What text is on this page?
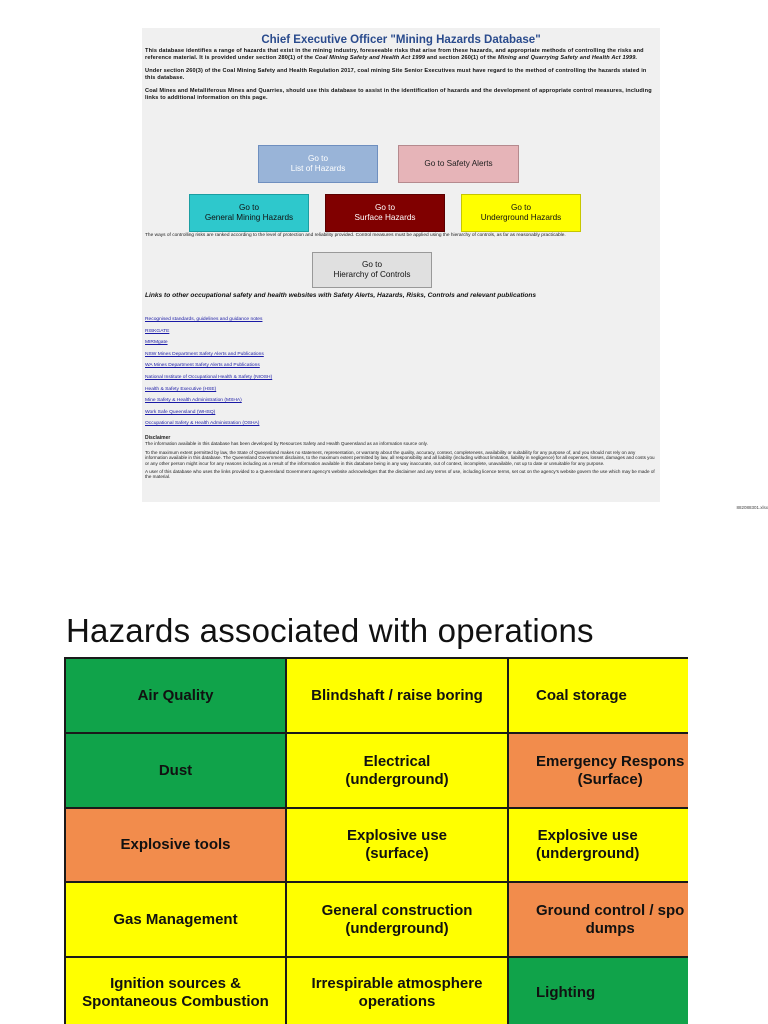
Chief Executive Officer "Mining Hazards Database"

This database identifies a range of hazards that exist in the mining industry, foreseeable risks that arise from these hazards, and appropriate methods of controlling the risks and reference material. It is provided under section 280(1) of the Coal Mining Safety and Health Act 1999 and section 260(1) of the Mining and Quarrying Safety and Health Act 1999.

Under section 260(3) of the Coal Mining Safety and Health Regulation 2017, coal mining Site Senior Executives must have regard to the method of controlling the hazards stated in this database.

Coal Mines and Metalliferous Mines and Quarries, should use this database to assist in the identification of hazards and the development of appropriate control measures, including links to additional information on this page.

Go to
List of Hazards
Go to Safety Alerts
Go to
General Mining Hazards
Go to
Surface Hazards
Go to
Underground Hazards
The ways of controlling risks are ranked according to the level of protection and reliability provided. Control measures must be applied using the hierarchy of controls, as far as reasonably practicable.
Go to
Hierarchy of Controls
Links to other occupational safety and health websites with Safety Alerts, Hazards, Risks, Controls and relevant publications
Recognised standards, guidelines and guidance notes
RISKGATE
MIRMgate
NSW Mines Department Safety Alerts and Publications
WA Mines Department Safety Alerts and Publications
National Institute of Occupational Health & Safety (NIOSH)
Health & Safety Executive (HSE)
Mine Safety & Health Administration (MSHA)
Work Safe Queensland (WHSQ)
Occupational Safety & Health Administration (OSHA)
Disclaimer

The information available in this database has been developed by Resources Safety and Health Queensland as an information source only.

To the maximum extent permitted by law, the State of Queensland makes no statement, representation, or warranty about the quality, accuracy, context, completeness, availability or suitability for any purpose of, and you should not rely on any information available in this database. The Queensland Government disclaims, to the maximum extent permitted by law, all responsibility and all liability (including without limitation, liability in negligence) for all expenses, losses, damages and costs you or any other person might incur for any reasons including as a result of the information available in this database being in any way inaccurate, out of context, incomplete, unavailable, not up to date or unsuitable for any purpose.

A user of this database who uses the links provided to a Queensland Government agency's website acknowledges that the disclaimer and any terms of use, including licence terms, set out on the agency's website govern the use which may be made of the material.

882088301.xlsx
Hazards associated with operations
Air Quality	Blindshaft / raise boring	Coal storage
Dust
Electrical
(underground)
Emergency Respons
(Surface)
Explosive tools
Explosive use
(surface)
Explosive use
(underground)
Gas Management
General construction
(underground)
Ground control / spo
dumps
Ignition sources &
Spontaneous Combustion
Irrespirable atmosphere
operations
Lighting
